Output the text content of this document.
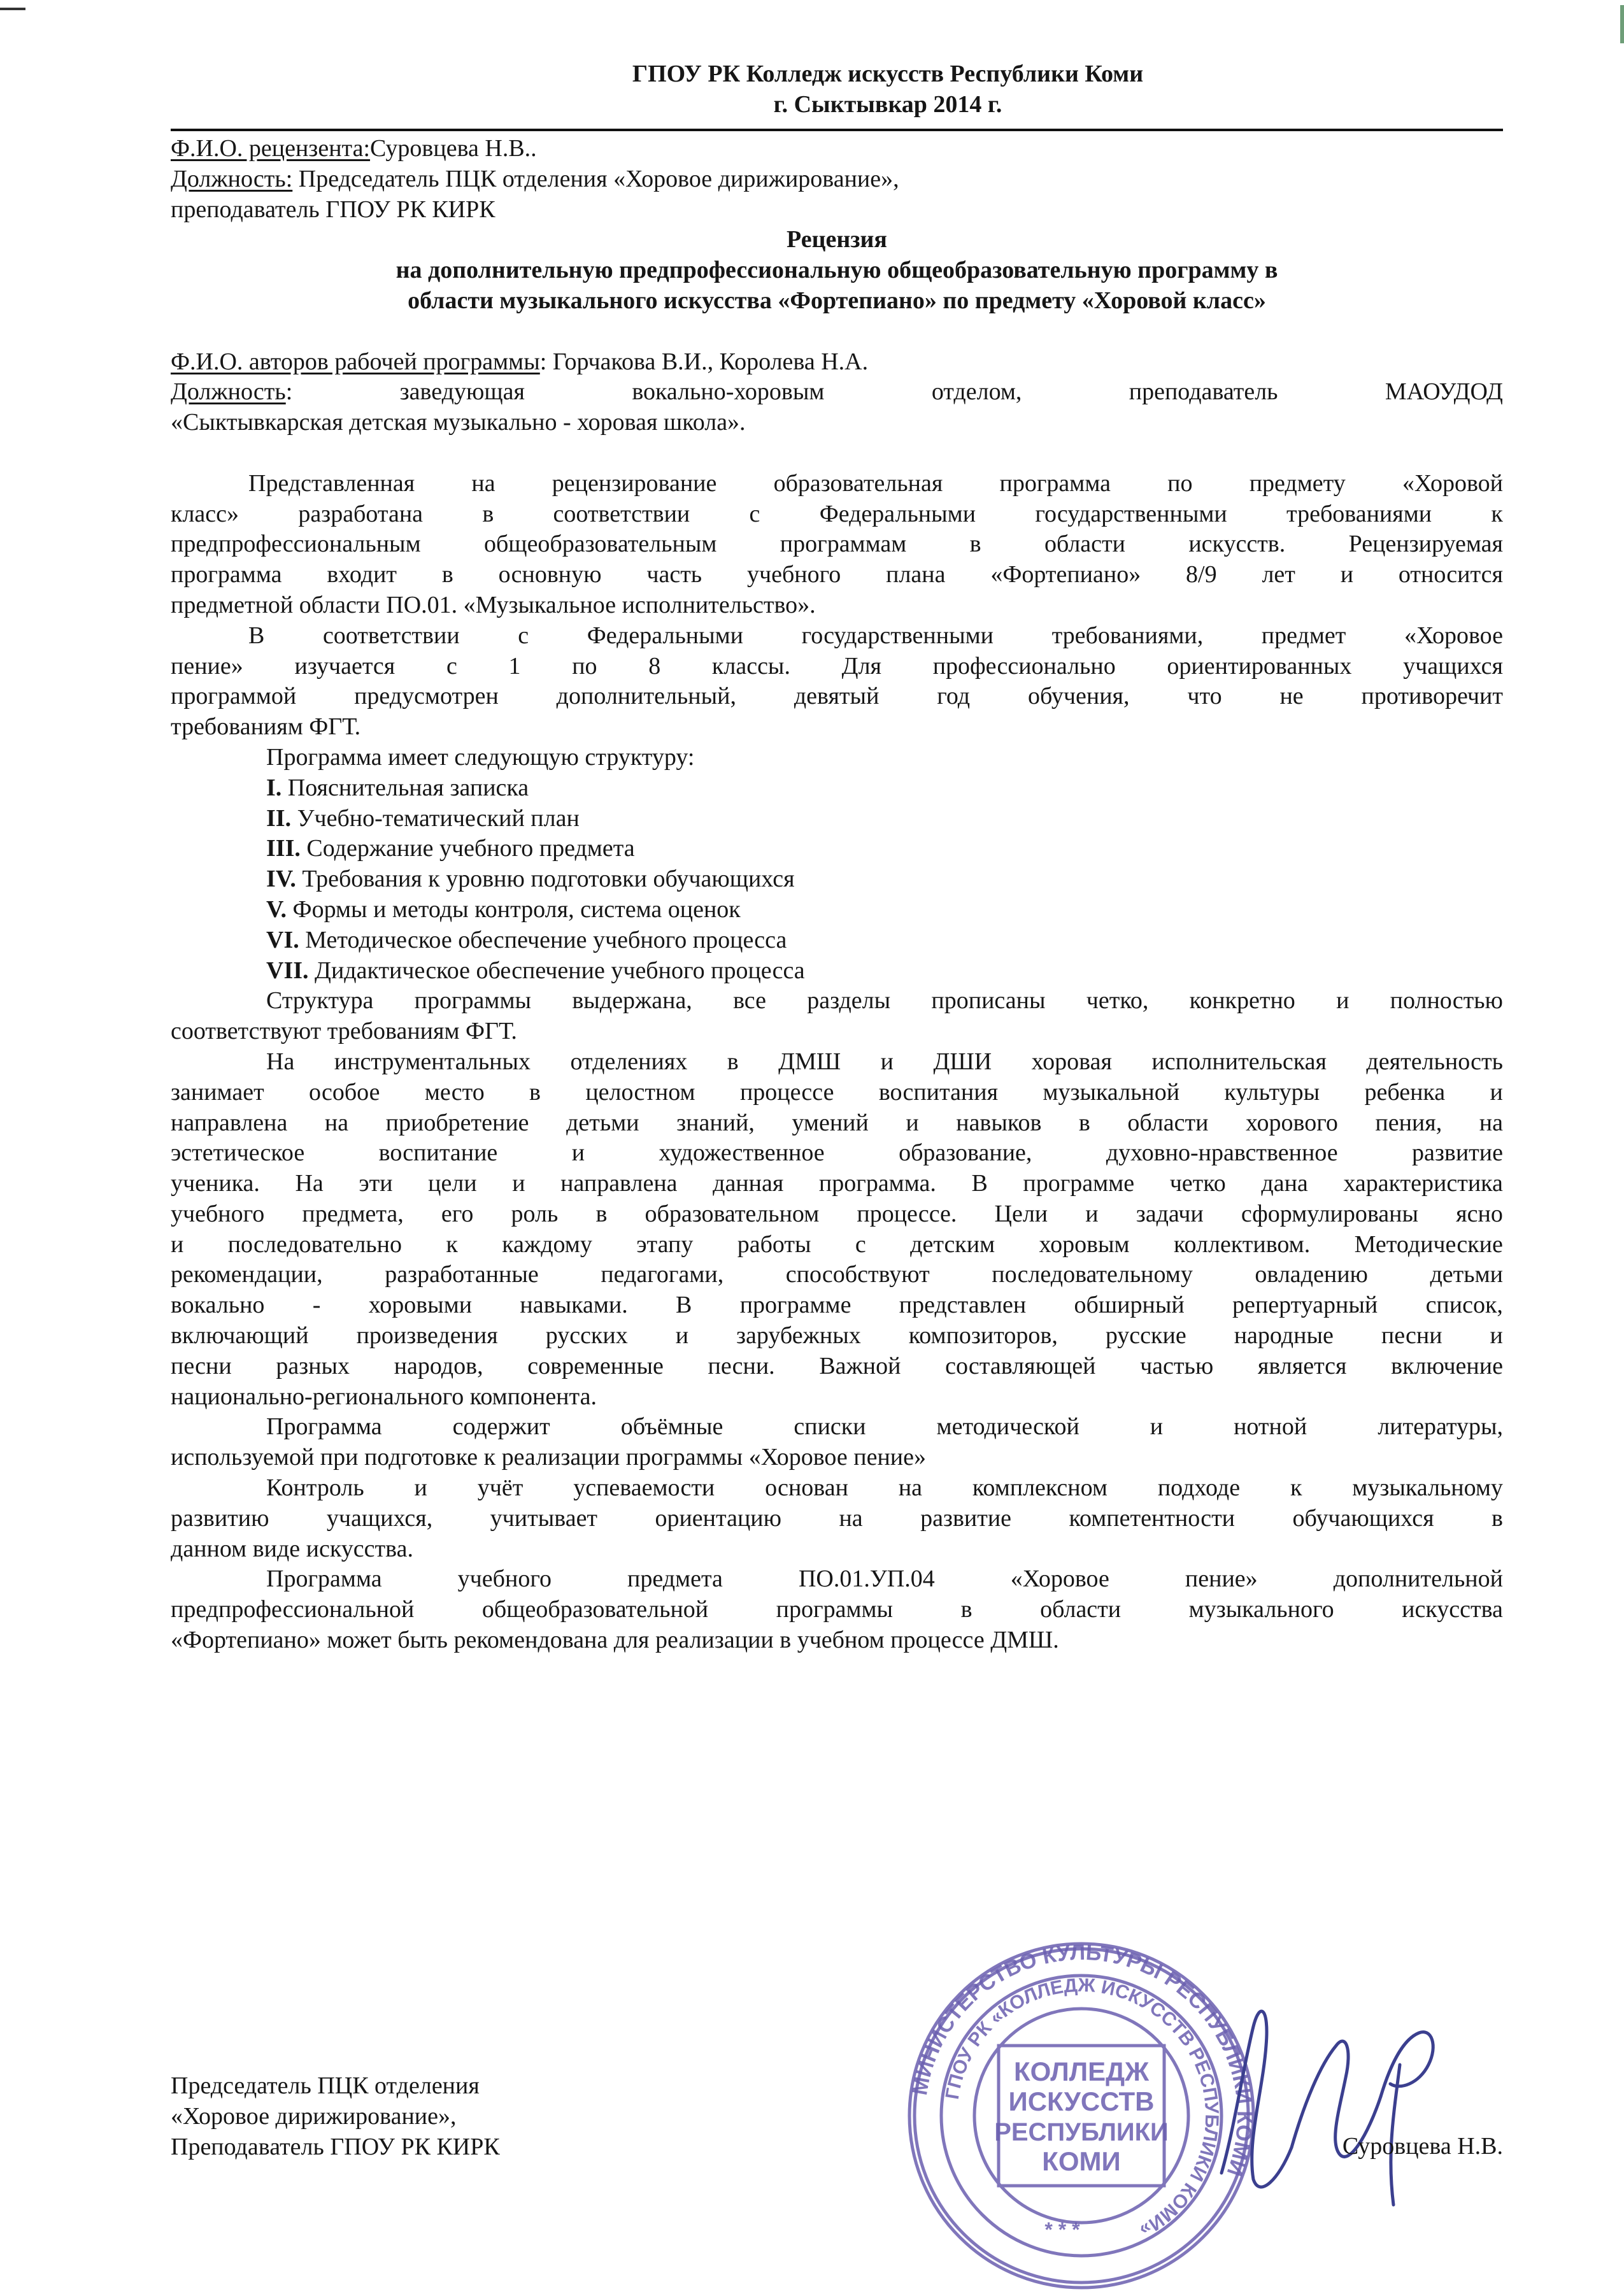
ГПОУ РК Колледж искусств Республики Коми
г. Сыктывкар 2014 г.
Ф.И.О. рецензента:Суровцева Н.В..
Должность: Председатель ПЦК отделения «Хоровое дирижирование»,
преподаватель ГПОУ РК КИРК
Рецензия
на дополнительную предпрофессиональную общеобразовательную программу в
области музыкального искусства «Фортепиано» по предмету «Хоровой класс»
Ф.И.О. авторов рабочей программы: Горчакова В.И., Королева Н.А.
Должность:	заведующая	вокально-хоровым	отделом,	преподаватель	МАОУДОД
«Сыктывкарская детская музыкально - хоровая школа».
Представленная на рецензирование образовательная программа по предмету «Хоровой
класс» разработана в соответствии с Федеральными государственными требованиями к
предпрофессиональным	общеобразовательным	программам	в	области	искусств.	Рецензируемая
программа входит в основную часть учебного плана «Фортепиано» 8/9 лет и относится
предметной области ПО.01. «Музыкальное исполнительство».
В соответствии с Федеральными государственными требованиями, предмет «Хоровое
пение» изучается с 1 по 8 классы. Для профессионально ориентированных учащихся
программой предусмотрен дополнительный, девятый год обучения, что не противоречит
требованиям ФГТ.
Программа имеет следующую структуру:
I. Пояснительная записка
II. Учебно-тематический план
III. Содержание учебного предмета
IV. Требования к уровню подготовки обучающихся
V. Формы и методы контроля, система оценок
VI. Методическое обеспечение учебного процесса
VII. Дидактическое обеспечение учебного процесса
Структура программы выдержана, все разделы прописаны четко, конкретно и полностью
соответствуют требованиям ФГТ.
На инструментальных отделениях в ДМШ и ДШИ хоровая исполнительская деятельность
занимает особое место в целостном процессе воспитания музыкальной культуры ребенка и
направлена на приобретение детьми знаний, умений и навыков в области хорового пения, на
эстетическое	воспитание	и	художественное	образование,	духовно-нравственное	развитие
ученика. На эти цели и направлена данная программа. В программе четко дана характеристика
учебного предмета, его роль в образовательном процессе. Цели и задачи сформулированы ясно
и последовательно к каждому этапу работы с детским хоровым коллективом. Методические
рекомендации,	разработанные	педагогами,	способствуют	последовательному	овладению	детьми
вокально - хоровыми навыками. В программе представлен обширный репертуарный список,
включающий произведения русских и зарубежных композиторов, русские народные песни и
песни разных народов, современные песни. Важной составляющей частью является включение
национально-регионального компонента.
Программа	содержит	объёмные	списки	методической	и	нотной	литературы,
используемой при подготовке к реализации программы «Хоровое пение»
Контроль и учёт успеваемости основан на комплексном подходе к музыкальному
развитию учащихся, учитывает ориентацию на развитие компетентности обучающихся в
данном виде искусства.
Программа	учебного	предмета	ПО.01.УП.04	«Хоровое	пение»	дополнительной
предпрофессиональной	общеобразовательной	программы	в	области	музыкального	искусства
«Фортепиано» может быть рекомендована для реализации в учебном процессе ДМШ.
МИНИСТЕРСТВО КУЛЬТУРЫ РЕСПУБЛИКИ КОМИ
ГПОУ РК «КОЛЛЕДЖ ИСКУССТВ РЕСПУБЛИКИ КОМИ»
КОЛЛЕДЖ
ИСКУССТВ
РЕСПУБЛИКИ
КОМИ
* * *
Председатель ПЦК отделения
«Хоровое дирижирование»,
Преподаватель ГПОУ РК КИРК	Суровцева Н.В.
